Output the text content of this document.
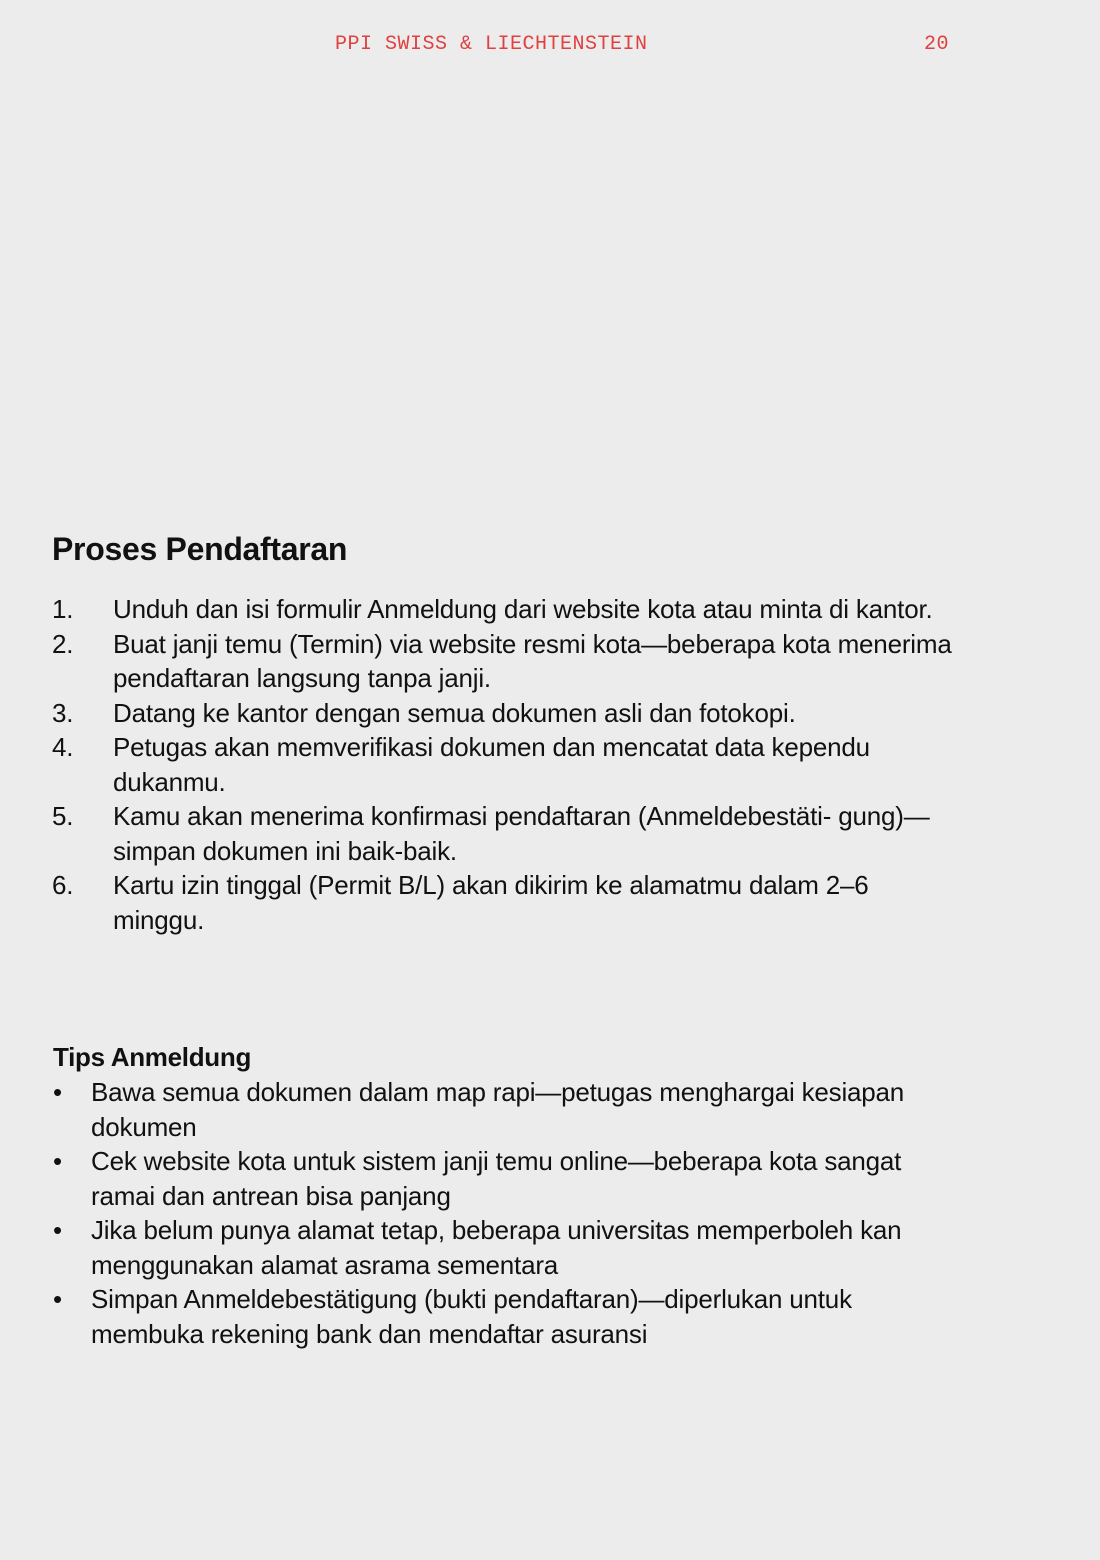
PPI SWISS & LIECHTENSTEIN	20
Proses Pendaftaran
1. Unduh dan isi formulir Anmeldung dari website kota atau minta di kantor.
2. Buat janji temu (Termin) via website resmi kota—beberapa kota menerima pendaftaran langsung tanpa janji.
3. Datang ke kantor dengan semua dokumen asli dan fotokopi.
4. Petugas akan memverifikasi dokumen dan mencatat data kependu dukanmu.
5. Kamu akan menerima konfirmasi pendaftaran (Anmeldebestäti- gung)—simpan dokumen ini baik-baik.
6. Kartu izin tinggal (Permit B/L) akan dikirim ke alamatmu dalam 2–6 minggu.
Tips Anmeldung
• Bawa semua dokumen dalam map rapi—petugas menghargai kesiapan dokumen
• Cek website kota untuk sistem janji temu online—beberapa kota sangat ramai dan antrean bisa panjang
• Jika belum punya alamat tetap, beberapa universitas memperboleh kan menggunakan alamat asrama sementara
• Simpan Anmeldebestätigung (bukti pendaftaran)—diperlukan untuk membuka rekening bank dan mendaftar asuransi
